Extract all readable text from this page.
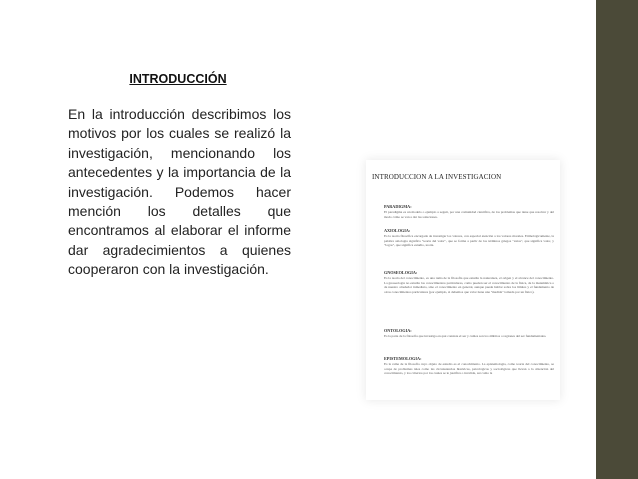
INTRODUCCIÓN
En la introducción describimos los motivos por los cuales se realizó la investigación, mencionando los antecedentes y la importancia de la investigación. Podemos hacer mención los detalles que encontramos al elaborar el informe dar agradecimientos a quienes cooperaron con la investigación.
INTRODUCCION A LA INVESTIGACION
PARADIGMA:
El paradigma es un modelo o ejemplo a seguir, por una comunidad científica, de los problemas que tiene que resolver y del modo cómo se van a dar las soluciones.
AXIOLOGIA:
Es la teoría filosófica encargada de investigar los valores, con especial atención a los valores morales. Etimológicamente, la palabra axiología significa "teoría del valor", que se forma a partir de los términos griegos "axios", que significa valor, y "logos", que significa estudio, teoría.
GNOSEOLOGIA:
Es la teoría del conocimiento, es una rama de la filosofía que estudia la naturaleza, el origen y el alcance del conocimiento. La gnoseología no estudia los conocimientos particulares, como pueden ser el conocimiento de la física, de la matemática o de nuestro alrededor inmediato, sino el conocimiento en general, aunque puede hablar sobre los límites y el fundamento de otros conocimientos particulares (por ejemplo, si debemos que valor tiene una "medida" tomada por un físico).
ONTOLOGIA:
Es la parte de la filosofía que investiga en qué consiste el ser y cuáles son los ámbitos o regiones del ser fundamentales.
EPISTEMOLOGIA:
Es la rama de la filosofía cuyo objeto de estudio es el conocimiento. La epistemología, como teoría del conocimiento, se ocupa de problemas tales como las circunstancias históricas, psicológicas y sociológicas que llevan a la obtención del conocimiento, y los criterios por los cuales se le justifica o invalida, así como la
